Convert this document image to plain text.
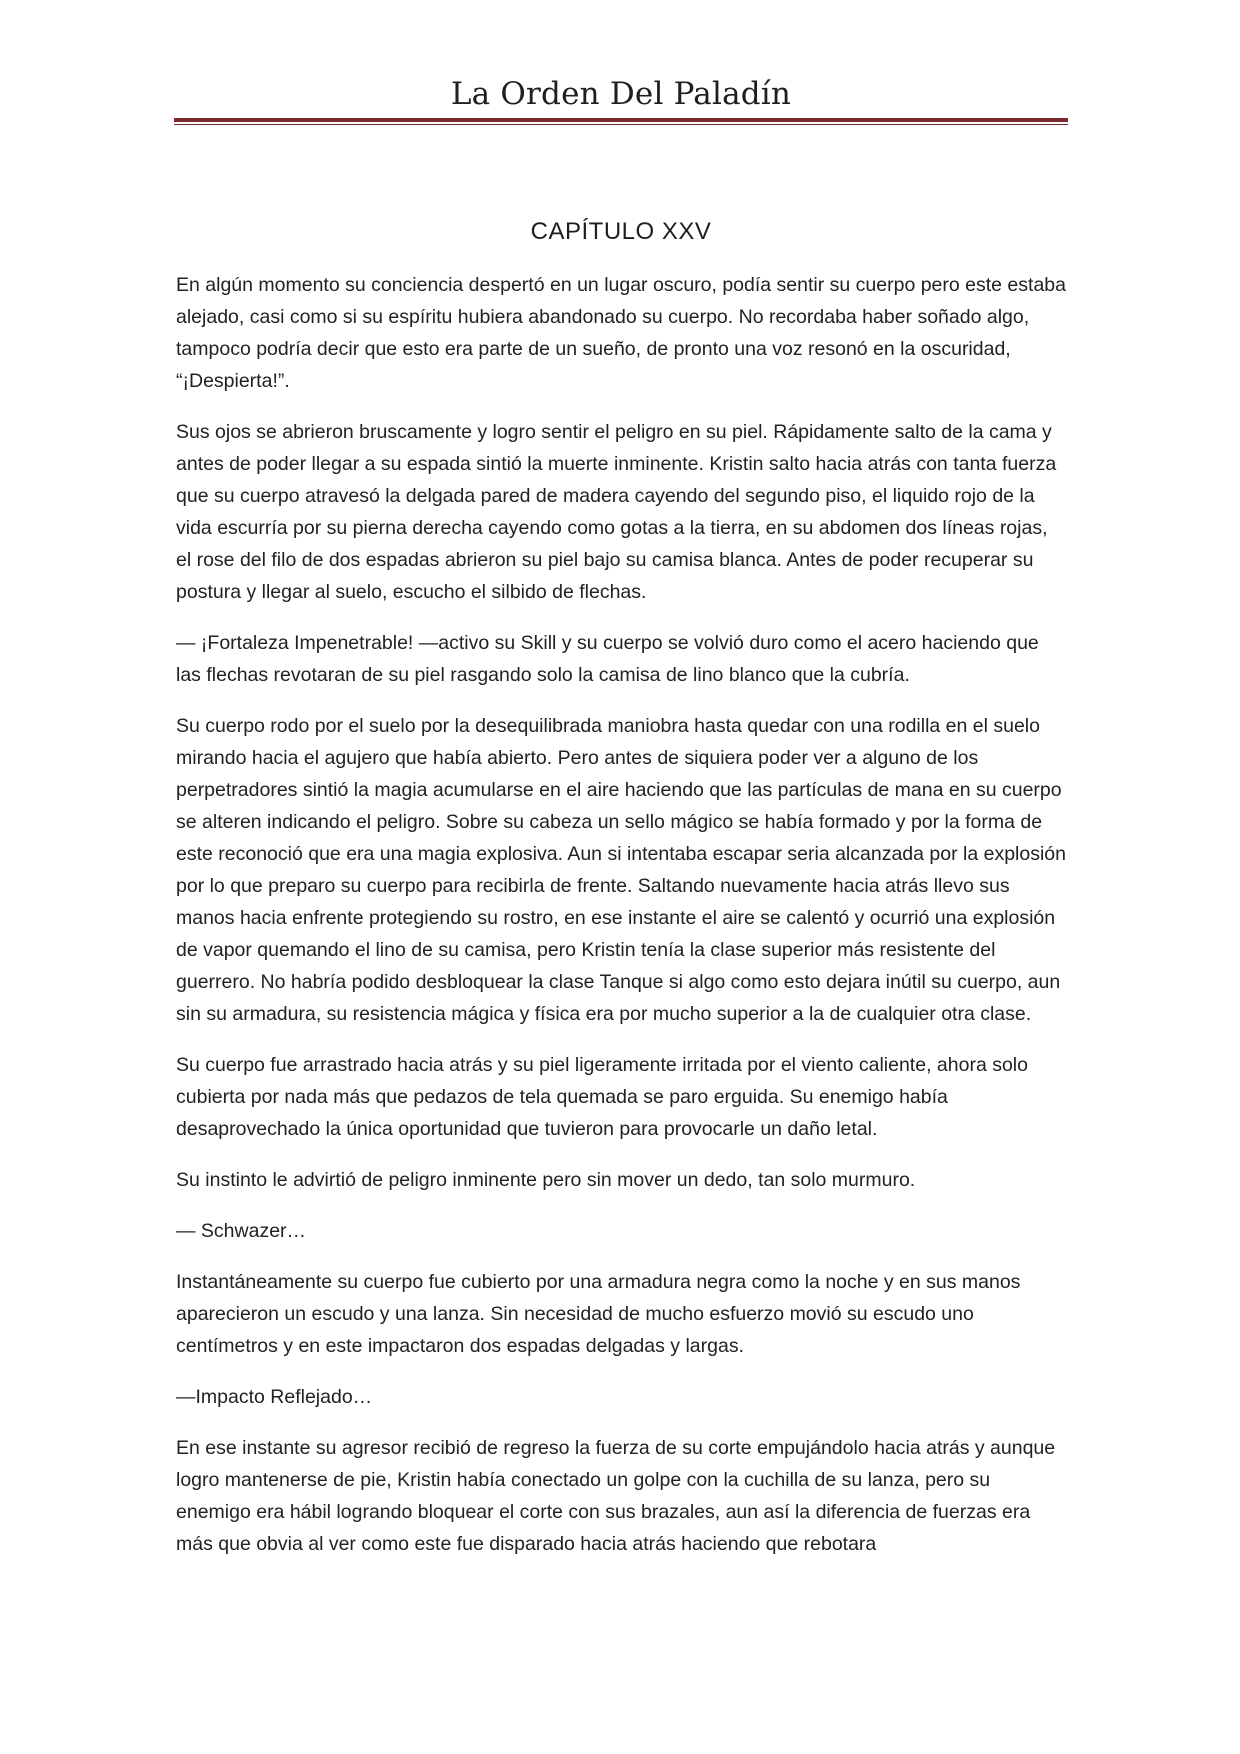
La Orden Del Paladín
CAPÍTULO XXV

En algún momento su conciencia despertó en un lugar oscuro, podía sentir su cuerpo pero este estaba alejado, casi como si su espíritu hubiera abandonado su cuerpo. No recordaba haber soñado algo, tampoco podría decir que esto era parte de un sueño, de pronto una voz resonó en la oscuridad, “¡Despierta!”.

Sus ojos se abrieron bruscamente y logro sentir el peligro en su piel. Rápidamente salto de la cama y antes de poder llegar a su espada sintió la muerte inminente. Kristin salto hacia atrás con tanta fuerza que su cuerpo atravesó la delgada pared de madera cayendo del segundo piso, el liquido rojo de la vida escurría por su pierna derecha cayendo como gotas a la tierra, en su abdomen dos líneas rojas, el rose del filo de dos espadas abrieron su piel bajo su camisa blanca. Antes de poder recuperar su postura y llegar al suelo, escucho el silbido de flechas.

— ¡Fortaleza Impenetrable! —activo su Skill y su cuerpo se volvió duro como el acero haciendo que las flechas revotaran de su piel rasgando solo la camisa de lino blanco que la cubría.

Su cuerpo rodo por el suelo por la desequilibrada maniobra hasta quedar con una rodilla en el suelo mirando hacia el agujero que había abierto. Pero antes de siquiera poder ver a alguno de los perpetradores sintió la magia acumularse en el aire haciendo que las partículas de mana en su cuerpo se alteren indicando el peligro. Sobre su cabeza un sello mágico se había formado y por la forma de este reconoció que era una magia explosiva. Aun si intentaba escapar seria alcanzada por la explosión por lo que preparo su cuerpo para recibirla de frente. Saltando nuevamente hacia atrás llevo sus manos hacia enfrente protegiendo su rostro, en ese instante el aire se calentó y ocurrió una explosión de vapor quemando el lino de su camisa, pero Kristin tenía la clase superior más resistente del guerrero. No habría podido desbloquear la clase Tanque si algo como esto dejara inútil su cuerpo, aun sin su armadura, su resistencia mágica y física era por mucho superior a la de cualquier otra clase.

Su cuerpo fue arrastrado hacia atrás y su piel ligeramente irritada por el viento caliente, ahora solo cubierta por nada más que pedazos de tela quemada se paro erguida. Su enemigo había desaprovechado la única oportunidad que tuvieron para provocarle un daño letal.

Su instinto le advirtió de peligro inminente pero sin mover un dedo, tan solo murmuro.

— Schwazer…

Instantáneamente su cuerpo fue cubierto por una armadura negra como la noche y en sus manos aparecieron un escudo y una lanza. Sin necesidad de mucho esfuerzo movió su escudo uno centímetros y en este impactaron dos espadas delgadas y largas.

—Impacto Reflejado…

En ese instante su agresor recibió de regreso la fuerza de su corte empujándolo hacia atrás y aunque logro mantenerse de pie, Kristin había conectado un golpe con la cuchilla de su lanza, pero su enemigo era hábil logrando bloquear el corte con sus brazales, aun así la diferencia de fuerzas era más que obvia al ver como este fue disparado hacia atrás haciendo que rebotara
